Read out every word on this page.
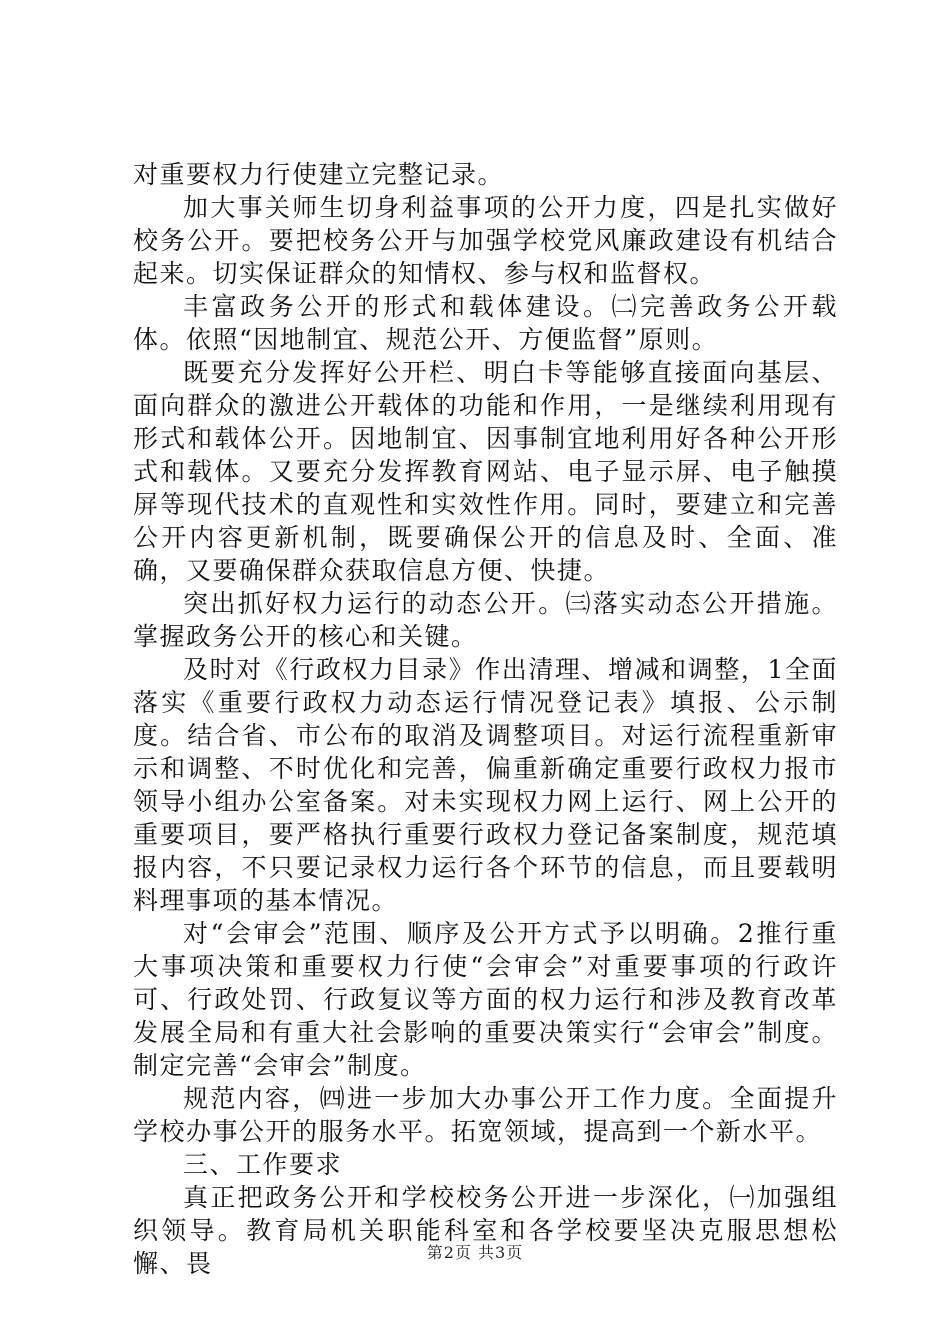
对重要权力行使建立完整记录。

加大事关师生切身利益事项的公开力度，四是扎实做好校务公开。要把校务公开与加强学校党风廉政建设有机结合起来。切实保证群众的知情权、参与权和监督权。

丰富政务公开的形式和载体建设。㈡完善政务公开载体。依照“因地制宜、规范公开、方便监督”原则。

既要充分发挥好公开栏、明白卡等能够直接面向基层、面向群众的激进公开载体的功能和作用，一是继续利用现有形式和载体公开。因地制宜、因事制宜地利用好各种公开形式和载体。又要充分发挥教育网站、电子显示屏、电子触摸屏等现代技术的直观性和实效性作用。同时，要建立和完善公开内容更新机制，既要确保公开的信息及时、全面、准确，又要确保群众获取信息方便、快捷。

突出抓好权力运行的动态公开。㈢落实动态公开措施。掌握政务公开的核心和关键。

及时对《行政权力目录》作出清理、增减和调整，1全面落实《重要行政权力动态运行情况登记表》填报、公示制度。结合省、市公布的取消及调整项目。对运行流程重新审示和调整、不时优化和完善，偏重新确定重要行政权力报市领导小组办公室备案。对未实现权力网上运行、网上公开的重要项目，要严格执行重要行政权力登记备案制度，规范填报内容，不只要记录权力运行各个环节的信息，而且要载明料理事项的基本情况。

对“会审会”范围、顺序及公开方式予以明确。2推行重大事项决策和重要权力行使“会审会”对重要事项的行政许可、行政处罚、行政复议等方面的权力运行和涉及教育改革发展全局和有重大社会影响的重要决策实行“会审会”制度。制定完善“会审会”制度。

规范内容，㈣进一步加大办事公开工作力度。全面提升学校办事公开的服务水平。拓宽领域，提高到一个新水平。

三、工作要求

真正把政务公开和学校校务公开进一步深化，㈠加强组织领导。教育局机关职能科室和各学校要坚决克服思想松懈、畏	第2页 共3页
